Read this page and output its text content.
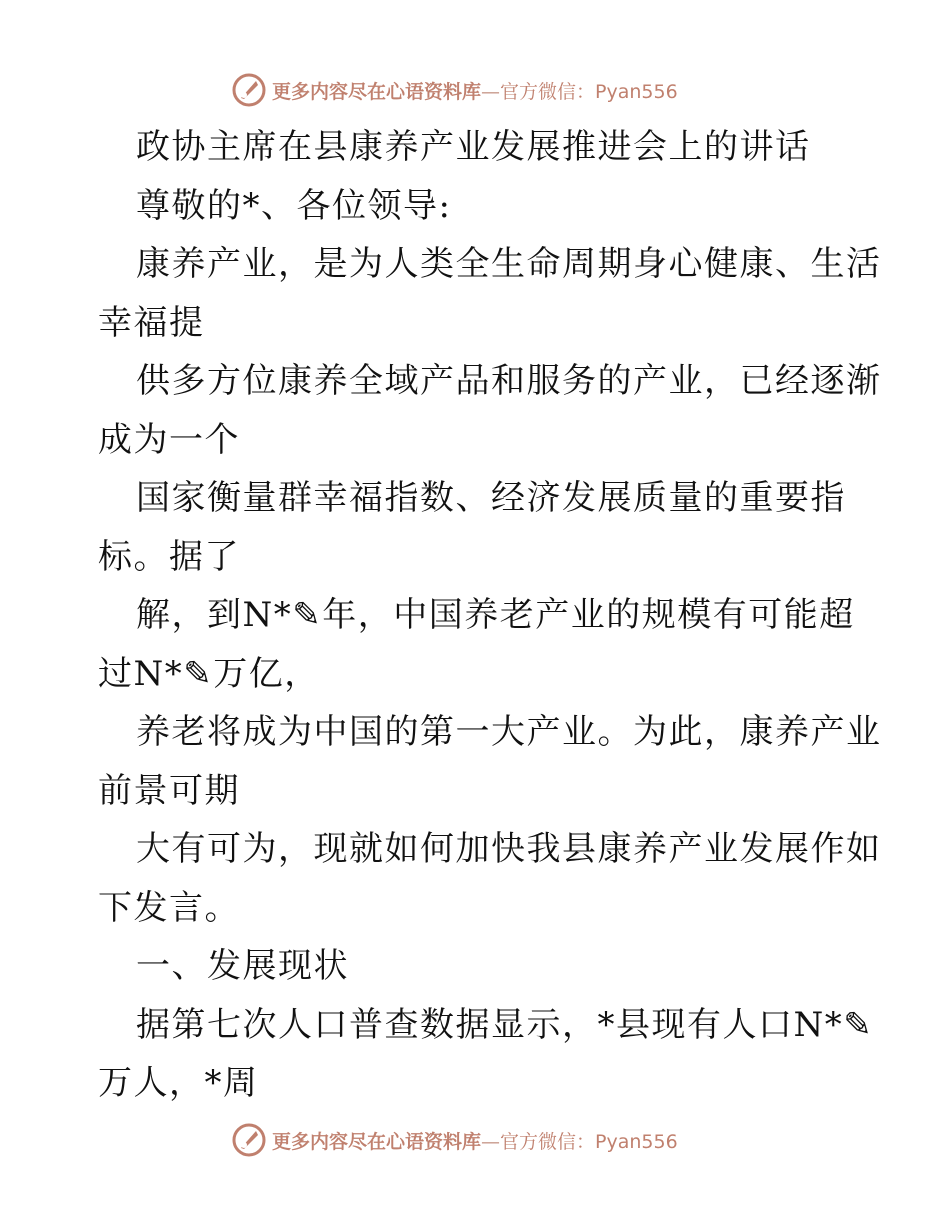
更多内容尽在心语资料库—官方微信：Pyan556
政协主席在县康养产业发展推进会上的讲话
尊敬的*、各位领导:
康养产业，是为人类全生命周期身心健康、生活
幸福提
供多方位康养全域产品和服务的产业，已经逐渐
成为一个
国家衡量群幸福指数、经济发展质量的重要指
标。据了
解，到N*✎年，中国养老产业的规模有可能超
过N*✎万亿，
养老将成为中国的第一大产业。为此，康养产业
前景可期
大有可为，现就如何加快我县康养产业发展作如
下发言。
一、发展现状
据第七次人口普查数据显示，*县现有人口N*✎
万人，*周
更多内容尽在心语资料库—官方微信：Pyan556
